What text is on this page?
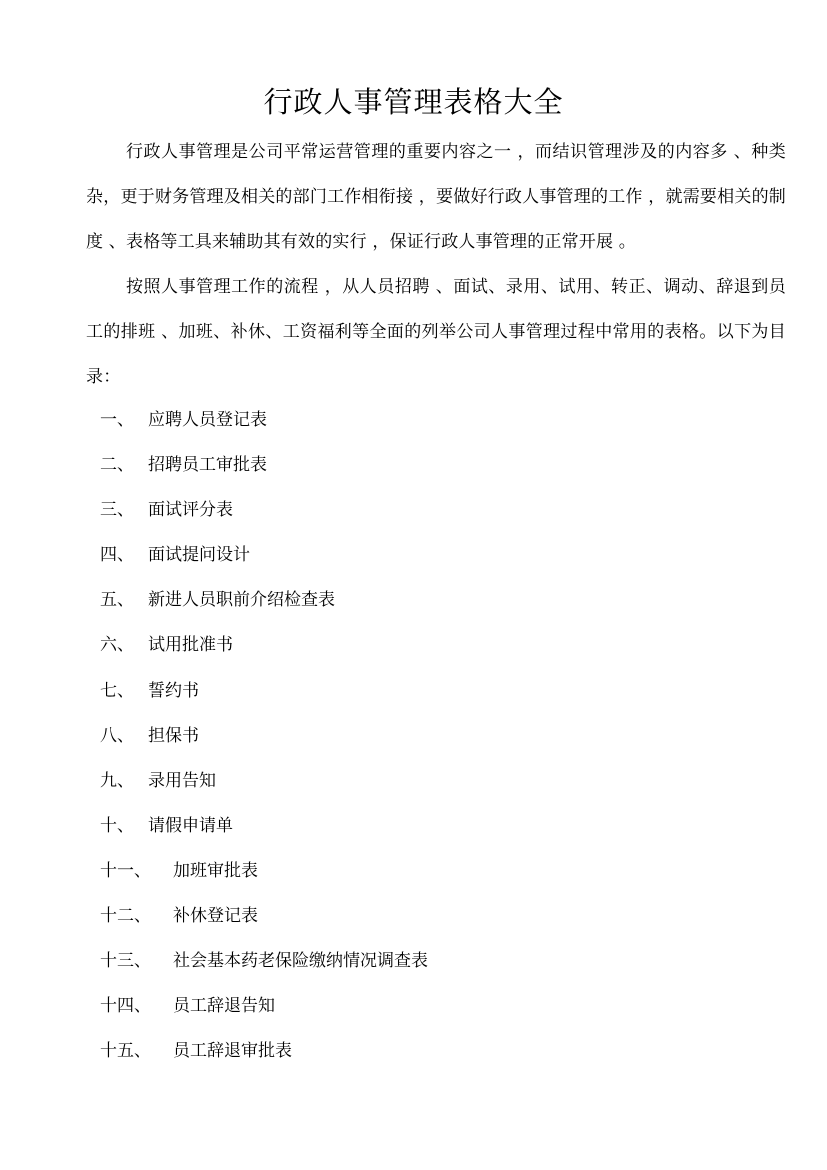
行政人事管理表格大全

行政人事管理是公司平常运营管理的重要内容之一 ，而结识管理涉及的内容多 、种类杂，更于财务管理及相关的部门工作相衔接 ，要做好行政人事管理的工作 ，就需要相关的制度 、表格等工具来辅助其有效的实行 ，保证行政人事管理的正常开展 。

按照人事管理工作的流程 ，从人员招聘 、面试、录用、试用、转正、调动、辞退到员工的排班 、加班、补休、工资福利等全面的列举公司人事管理过程中常用的表格。以下为目录：

一、 应聘人员登记表
二、 招聘员工审批表
三、 面试评分表
四、 面试提问设计
五、 新进人员职前介绍检查表
六、 试用批准书
七、 誓约书
八、 担保书
九、 录用告知
十、 请假申请单
十一、 加班审批表
十二、 补休登记表
十三、 社会基本药老保险缴纳情况调查表
十四、 员工辞退告知
十五、 员工辞退审批表
